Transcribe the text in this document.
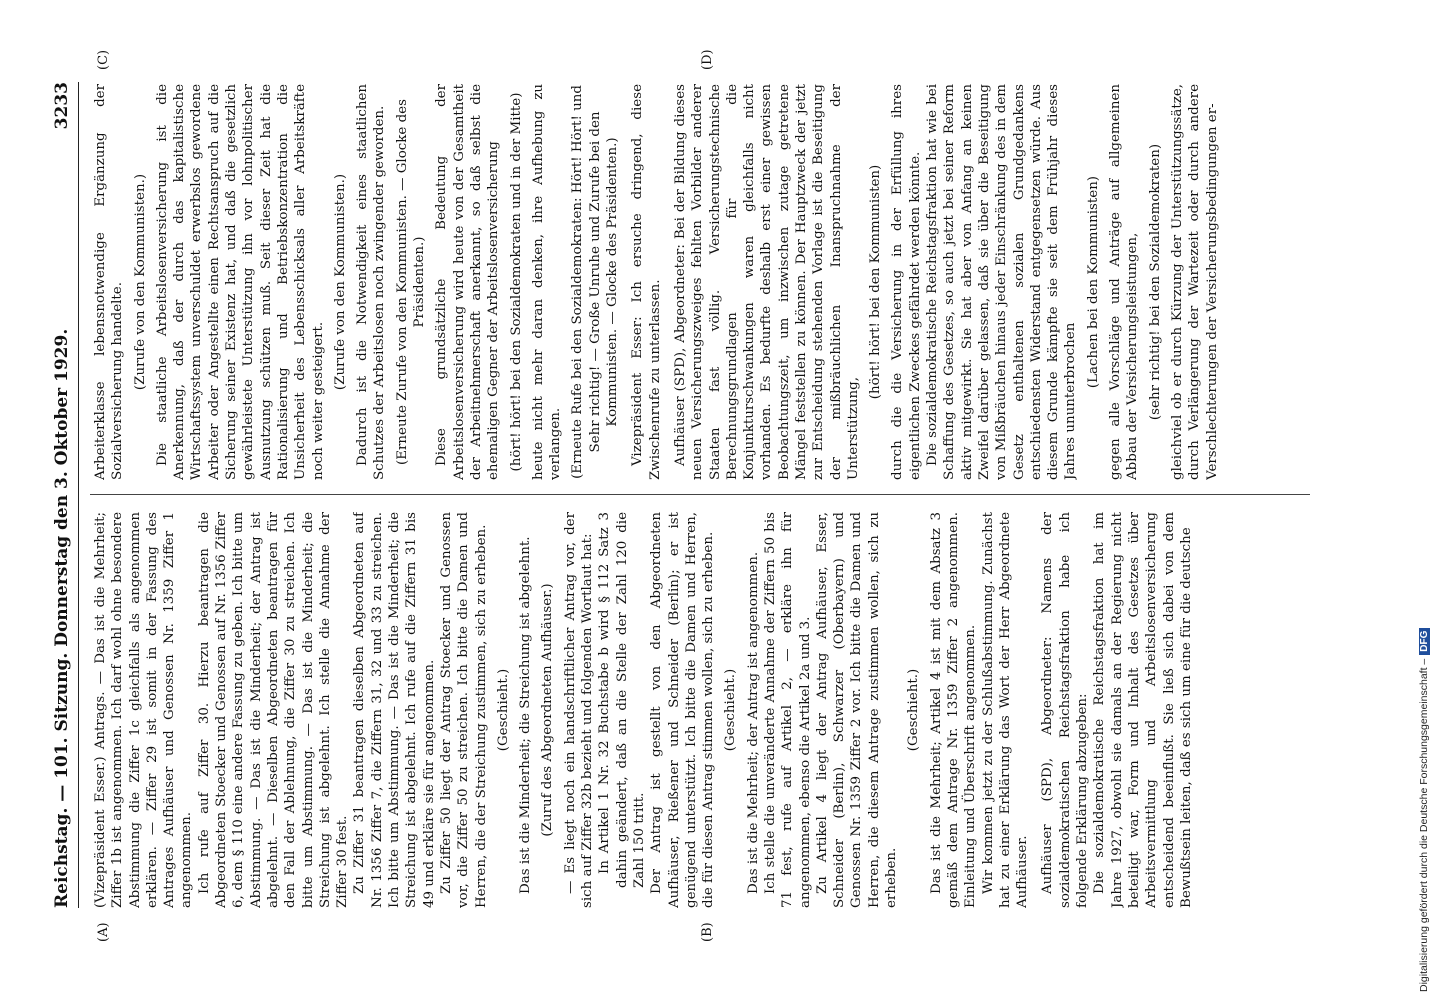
Reichstag. — 101. Sitzung. Donnerstag den 3. Oktober 1929.
3233
(A)	(B)
(C)	(D)

(Vizepräsident Esser.) Antrags. — Das ist die Mehrheit; Ziffer 1b ist angenommen. Ich darf wohl ohne besondere Abstimmung die Ziffer 1c gleichfalls als angenommen erklären. — Ziffer 29 ist somit in der Fassung des Antrages Aufhäuser und Genossen Nr. 1359 Ziffer 1 angenommen. Ich rufe auf Ziffer 30. Hierzu beantragen die Abgeordneten Stoecker und Genossen auf Nr. 1356 Ziffer 6, dem § 110 eine andere Fassung zu geben. Ich bitte um Abstimmung. — Das ist die Minderheit; der Antrag ist abgelehnt. — Dieselben Abgeordneten beantragen für den Fall der Ablehnung, die Ziffer 30 zu streichen. Ich bitte um Abstimmung. — Das ist die Minderheit; die Streichung ist abgelehnt. Ich stelle die Annahme der Ziffer 30 fest. Zu Ziffer 31 beantragen dieselben Abgeordneten auf Nr. 1356 Ziffer 7, die Ziffern 31, 32 und 33 zu streichen. Ich bitte um Abstimmung. — Das ist die Minderheit; die Streichung ist abgelehnt. Ich rufe auf die Ziffern 31 bis 49 und erkläre sie für angenommen. Zu Ziffer 50 liegt der Antrag Stoecker und Genossen vor, die Ziffer 50 zu streichen. Ich bitte die Damen und Herren, die der Streichung zustimmen, sich zu erheben. (Geschieht.) Das ist die Minderheit; die Streichung ist abgelehnt. (Zuruf des Abgeordneten Aufhäuser.) — Es liegt noch ein handschriftlicher Antrag vor, der sich auf Ziffer 32b bezieht und folgenden Wortlaut hat: In Artikel 1 Nr. 32 Buchstabe b wird § 112 Satz 3 dahin geändert, daß an die Stelle der Zahl 120 die Zahl 150 tritt. Der Antrag ist gestellt von den Abgeordneten Aufhäuser, Rießener und Schneider (Berlin); er ist genügend unterstützt. Ich bitte die Damen und Herren, die für diesen Antrag stimmen wollen, sich zu erheben. (Geschieht.) Das ist die Mehrheit; der Antrag ist angenommen. Ich stelle die unveränderte Annahme der Ziffern 50 bis 71 fest, rufe auf Artikel 2, — erkläre ihn für angenommen, ebenso die Artikel 2a und 3. Zu Artikel 4 liegt der Antrag Aufhäuser, Esser, Schneider (Berlin), Schwarzer (Oberbayern) und Genossen Nr. 1359 Ziffer 2 vor. Ich bitte die Damen und Herren, die diesem Antrage zustimmen wollen, sich zu erheben.

(Geschieht.) Das ist die Mehrheit; Artikel 4 ist mit dem Absatz 3 gemäß dem Antrage Nr. 1359 Ziffer 2 angenommen. Einleitung und Überschrift angenommen. Wir kommen jetzt zu der Schlußabstimmung. Zunächst hat zu einer Erklärung das Wort der Herr Abgeordnete Aufhäuser. Aufhäuser (SPD), Abgeordneter: Namens der sozialdemokratischen Reichstagsfraktion habe ich folgende Erklärung abzugeben: Die sozialdemokratische Reichstagsfraktion hat im Jahre 1927, obwohl sie damals an der Regierung nicht beteiligt war, Form und Inhalt des Gesetzes über Arbeitsvermittlung und Arbeitslosenversicherung entscheidend beeinflußt. Sie ließ sich dabei von dem Bewußtsein leiten, daß es sich um eine für die deutsche

Arbeiterklasse lebensnotwendige Ergänzung der Sozialversicherung handelte. (Zurufe von den Kommunisten.) Die staatliche Arbeitslosenversicherung ist die Anerkennung, daß der durch das kapitalistische Wirtschaftssystem unverschuldet erwerbslos gewordene Arbeiter oder Angestellte einen Rechtsanspruch auf die Sicherung seiner Existenz hat, und daß die gesetzlich gewährleistete Unterstützung ihn vor lohnpolitischer Ausnutzung schützen muß. Seit dieser Zeit hat die Rationalisierung und Betriebskonzentration die Unsicherheit des Lebensschicksals aller Arbeitskräfte noch weiter gesteigert.

(Zurufe von den Kommunisten.) Dadurch ist die Notwendigkeit eines staatlichen Schutzes der Arbeitslosen noch zwingender geworden. (Erneute Zurufe von den Kommunisten. — Glocke des Präsidenten.) Diese grundsätzliche Bedeutung der Arbeitslosenversicherung wird heute von der Gesamtheit der Arbeitnehmerschaft anerkannt, so daß selbst die ehemaligen Gegner der Arbeitslosenversicherung (hört! hört! bei den Sozialdemokraten und in der Mitte) heute nicht mehr daran denken, ihre Aufhebung zu verlangen. (Erneute Rufe bei den Sozialdemokraten: Hört! Hört! und Sehr richtig! — Große Unruhe und Zurufe bei den Kommunisten. — Glocke des Präsidenten.) Vizepräsident Esser: Ich ersuche dringend, diese Zwischenrufe zu unterlassen. Aufhäuser (SPD), Abgeordneter: Bei der Bildung dieses neuen Versicherungszweiges fehlten Vorbilder anderer Staaten fast völlig. Versicherungstechnische Berechnungsgrundlagen für die Konjunkturschwankungen waren gleichfalls nicht vorhanden. Es bedurfte deshalb erst einer gewissen Beobachtungszeit, um inzwischen zutage getretene Mängel feststellen zu können. Der Hauptzweck der jetzt zur Entscheidung stehenden Vorlage ist die Beseitigung der mißbräuchlichen Inanspruchnahme der Unterstützung,

(hört! hört! bei den Kommunisten) durch die die Versicherung in der Erfüllung ihres eigentlichen Zweckes gefährdet werden könnte. Die sozialdemokratische Reichstagsfraktion hat wie bei Schaffung des Gesetzes, so auch jetzt bei seiner Reform aktiv mitgewirkt. Sie hat aber von Anfang an keinen Zweifel darüber gelassen, daß sie über die Beseitigung von Mißbräuchen hinaus jeder Einschränkung des in dem Gesetz enthaltenen sozialen Grundgedankens entschiedensten Widerstand entgegensetzen würde. Aus diesem Grunde kämpfte sie seit dem Frühjahr dieses Jahres ununterbrochen

(Lachen bei den Kommunisten) gegen alle Vorschläge und Anträge auf allgemeinen Abbau der Versicherungsleistungen, (sehr richtig! bei den Sozialdemokraten) gleichviel ob er durch Kürzung der Unterstützungssätze, durch Verlängerung der Wartezeit oder durch andere Verschlechterungen der Versicherungsbedingungen er-

Digitalisierung gefördert durch die Deutsche Forschungsgemeinschaft –DFG
